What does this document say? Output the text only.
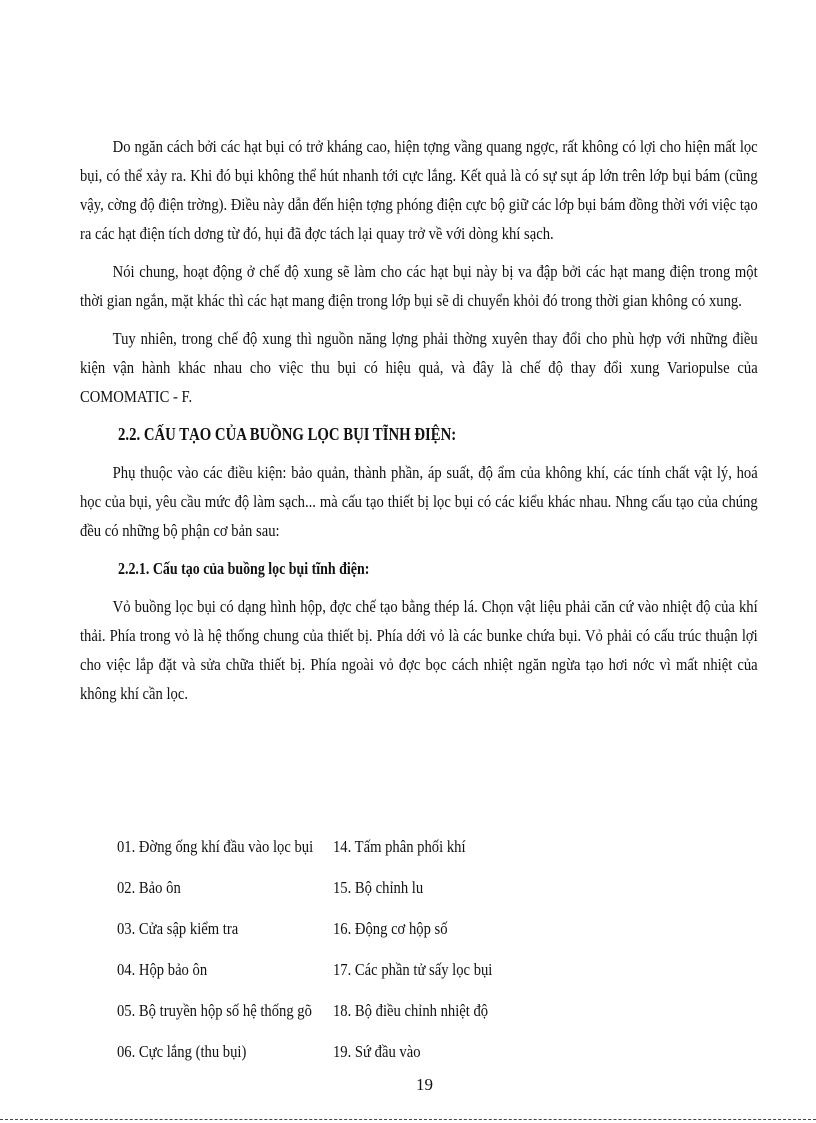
Do ngăn cách bởi các hạt bụi có trở kháng cao, hiện tợng vầng quang ngợc, rất không có lợi cho hiện mất lọc bụi, có thể xảy ra. Khi đó bụi không thể hút nhanh tới cực lắng. Kết quả là có sự sụt áp lớn trên lớp bụi bám (cũng vậy, cờng độ điện trờng). Điều này dẫn đến hiện tợng phóng điện cực bộ giữ các lớp bụi bám đồng thời với việc tạo ra các hạt điện tích dơng từ đó, hụi đã đợc tách lại quay trở về với dòng khí sạch.

Nói chung, hoạt động ở chế độ xung sẽ làm cho các hạt bụi này bị va đập bởi các hạt mang điện trong một thời gian ngắn, mặt khác thì các hạt mang điện trong lớp bụi sẽ di chuyển khỏi đó trong thời gian không có xung.

Tuy nhiên, trong chế độ xung thì nguồn năng lợng phải thờng xuyên thay đổi cho phù hợp với những điều kiện vận hành khác nhau cho việc thu bụi có hiệu quả, và đây là chế độ thay đổi xung Variopulse của COMOMATIC - F.

2.2. CẤU TẠO CỦA BUỒNG LỌC BỤI TĨNH ĐIỆN:

Phụ thuộc vào các điều kiện: bảo quản, thành phần, áp suất, độ ẩm của không khí, các tính chất vật lý, hoá học của bụi, yêu cầu mức độ làm sạch... mà cấu tạo thiết bị lọc bụi có các kiểu khác nhau. Nhng cấu tạo của chúng đều có những bộ phận cơ bản sau:

2.2.1. Cấu tạo của buồng lọc bụi tĩnh điện:

Vỏ buồng lọc bụi có dạng hình hộp, đợc chế tạo bằng thép lá. Chọn vật liệu phải căn cứ vào nhiệt độ của khí thải. Phía trong vỏ là hệ thống chung của thiết bị. Phía dới vỏ là các bunke chứa bụi. Vỏ phải có cấu trúc thuận lợi cho việc lắp đặt và sửa chữa thiết bị. Phía ngoài vỏ đợc bọc cách nhiệt ngăn ngừa tạo hơi nớc vì mất nhiệt của không khí cần lọc.

01. Đờng ống khí đầu vào lọc bụi 14. Tấm phân phối khí
02. Bảo ôn	15. Bộ chỉnh lu
03. Cửa sập kiểm tra	16. Động cơ hộp số
04. Hộp bảo ôn	17. Các phần tử sấy lọc bụi
05. Bộ truyền hộp số hệ thống gõ 18. Bộ điều chỉnh nhiệt độ
06. Cực lắng (thu bụi)	19. Sứ đầu vào
19
